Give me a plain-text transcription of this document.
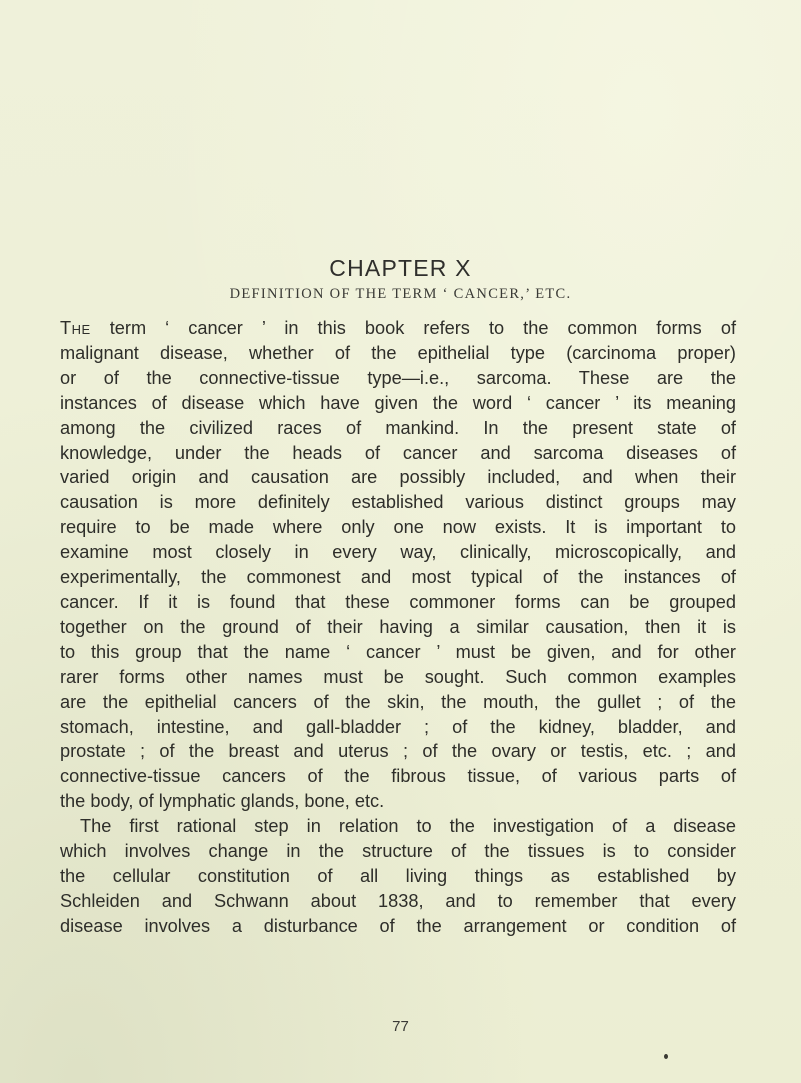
CHAPTER X
DEFINITION OF THE TERM ‘ CANCER,’ ETC.
The term ‘ cancer ’ in this book refers to the common forms of
malignant disease, whether of the epithelial type (carcinoma proper)
or of the connective-tissue type—i.e., sarcoma. These are the
instances of disease which have given the word ‘ cancer ’ its meaning
among the civilized races of mankind. In the present state of
knowledge, under the heads of cancer and sarcoma diseases of
varied origin and causation are possibly included, and when their
causation is more definitely established various distinct groups may
require to be made where only one now exists. It is important to
examine most closely in every way, clinically, microscopically, and
experimentally, the commonest and most typical of the instances of
cancer. If it is found that these commoner forms can be grouped
together on the ground of their having a similar causation, then it is
to this group that the name ‘ cancer ’ must be given, and for other
rarer forms other names must be sought. Such common examples
are the epithelial cancers of the skin, the mouth, the gullet ; of the
stomach, intestine, and gall-bladder ; of the kidney, bladder, and
prostate ; of the breast and uterus ; of the ovary or testis, etc. ; and
connective-tissue cancers of the fibrous tissue, of various parts of
the body, of lymphatic glands, bone, etc.
The first rational step in relation to the investigation of a disease
which involves change in the structure of the tissues is to consider
the cellular constitution of all living things as established by
Schleiden and Schwann about 1838, and to remember that every
disease involves a disturbance of the arrangement or condition of
77
